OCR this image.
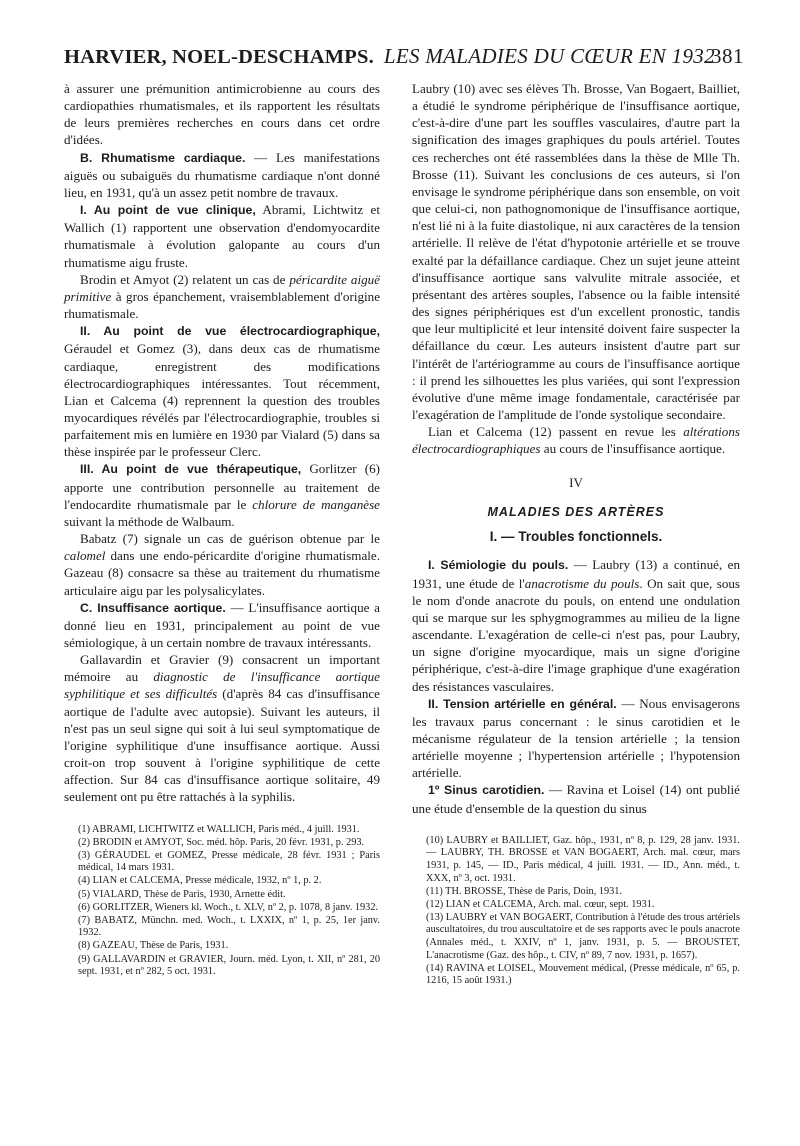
HARVIER, NOEL-DESCHAMPS. LES MALADIES DU CŒUR EN 1932
381

à assurer une prémunition antimicrobienne au cours des cardiopathies rhumatismales, et ils rapportent les résultats de leurs premières recherches en cours dans cet ordre d'idées.

B. Rhumatisme cardiaque. — Les manifestations aiguës ou subaiguës du rhumatisme cardiaque n'ont donné lieu, en 1931, qu'à un assez petit nombre de travaux.

I. Au point de vue clinique, Abrami, Lichtwitz et Wallich (1) rapportent une observation d'endomyocardite rhumatismale à évolution galopante au cours d'un rhumatisme aigu fruste.

Brodin et Amyot (2) relatent un cas de péricardite aiguë primitive à gros épanchement, vraisemblablement d'origine rhumatismale.

II. Au point de vue électrocardiographique, Géraudel et Gomez (3), dans deux cas de rhumatisme cardiaque, enregistrent des modifications électrocardiographiques intéressantes. Tout récemment, Lian et Calcema (4) reprennent la question des troubles myocardiques révélés par l'électrocardiographie, troubles si parfaitement mis en lumière en 1930 par Vialard (5) dans sa thèse inspirée par le professeur Clerc.

III. Au point de vue thérapeutique, Gorlitzer (6) apporte une contribution personnelle au traitement de l'endocardite rhumatismale par le chlorure de manganèse suivant la méthode de Walbaum.

Babatz (7) signale un cas de guérison obtenue par le calomel dans une endo-péricardite d'origine rhumatismale. Gazeau (8) consacre sa thèse au traitement du rhumatisme articulaire aigu par les polysalicylates.

C. Insuffisance aortique. — L'insuffisance aortique a donné lieu en 1931, principalement au point de vue sémiologique, à un certain nombre de travaux intéressants.

Gallavardin et Gravier (9) consacrent un important mémoire au diagnostic de l'insufficance aortique syphilitique et ses difficultés (d'après 84 cas d'insuffisance aortique de l'adulte avec autopsie). Suivant les auteurs, il n'est pas un seul signe qui soit à lui seul symptomatique de l'origine syphilitique d'une insuffisance aortique. Aussi croit-on trop souvent à l'origine syphilitique de cette affection. Sur 84 cas d'insuffisance aortique solitaire, 49 seulement ont pu être rattachés à la syphilis.

(1) ABRAMI, LICHTWITZ et WALLICH, Paris méd., 4 juill. 1931.

(2) BRODIN et AMYOT, Soc. méd. hôp. Paris, 20 févr. 1931, p. 293.

(3) GÉRAUDEL et GOMEZ, Presse médicale, 28 févr. 1931 ; Paris médical, 14 mars 1931.

(4) LIAN et CALCEMA, Presse médicale, 1932, nº 1, p. 2.

(5) VIALARD, Thèse de Paris, 1930, Arnette édit.

(6) GORLITZER, Wieners kl. Woch., t. XLV, nº 2, p. 1078, 8 janv. 1932.

(7) BABATZ, Münchn. med. Woch., t. LXXIX, nº 1, p. 25, 1er janv. 1932.

(8) GAZEAU, Thèse de Paris, 1931.

(9) GALLAVARDIN et GRAVIER, Journ. méd. Lyon, t. XII, nº 281, 20 sept. 1931, et nº 282, 5 oct. 1931.

Laubry (10) avec ses élèves Th. Brosse, Van Bogaert, Bailliet, a étudié le syndrome périphérique de l'insuffisance aortique, c'est-à-dire d'une part les souffles vasculaires, d'autre part la signification des images graphiques du pouls artériel. Toutes ces recherches ont été rassemblées dans la thèse de Mlle Th. Brosse (11). Suivant les conclusions de ces auteurs, si l'on envisage le syndrome périphérique dans son ensemble, on voit que celui-ci, non pathognomonique de l'insuffisance aortique, n'est lié ni à la fuite diastolique, ni aux caractères de la tension artérielle. Il relève de l'état d'hypotonie artérielle et se trouve exalté par la défaillance cardiaque. Chez un sujet jeune atteint d'insuffisance aortique sans valvulite mitrale associée, et présentant des artères souples, l'absence ou la faible intensité des signes périphériques est d'un excellent pronostic, tandis que leur multiplicité et leur intensité doivent faire suspecter la défaillance du cœur. Les auteurs insistent d'autre part sur l'intérêt de l'artériogramme au cours de l'insuffisance aortique : il prend les silhouettes les plus variées, qui sont l'expression évolutive d'une même image fondamentale, caractérisée par l'exagération de l'amplitude de l'onde systolique secondaire.

Lian et Calcema (12) passent en revue les altérations électrocardiographiques au cours de l'insuffisance aortique.

IV
MALADIES DES ARTÈRES
I. — Troubles fonctionnels.

I. Sémiologie du pouls. — Laubry (13) a continué, en 1931, une étude de l'anacrotisme du pouls. On sait que, sous le nom d'onde anacrote du pouls, on entend une ondulation qui se marque sur les sphygmogrammes au milieu de la ligne ascendante. L'exagération de celle-ci n'est pas, pour Laubry, un signe d'origine myocardique, mais un signe d'origine périphérique, c'est-à-dire l'image graphique d'une exagération des résistances vasculaires.

II. Tension artérielle en général. — Nous envisagerons les travaux parus concernant : le sinus carotidien et le mécanisme régulateur de la tension artérielle ; la tension artérielle moyenne ; l'hypertension artérielle ; l'hypotension artérielle.

1º Sinus carotidien. — Ravina et Loisel (14) ont publié une étude d'ensemble de la question du sinus

(10) LAUBRY et BAILLIET, Gaz. hôp., 1931, nº 8, p. 129, 28 janv. 1931. — LAUBRY, TH. BROSSE et VAN BOGAERT, Arch. mal. cœur, mars 1931, p. 145, — ID., Paris médical, 4 juill. 1931. — ID., Ann. méd., t. XXX, nº 3, oct. 1931.

(11) TH. BROSSE, Thèse de Paris, Doin, 1931.

(12) LIAN et CALCEMA, Arch. mal. cœur, sept. 1931.

(13) LAUBRY et VAN BOGAERT, Contribution à l'étude des trous artériels auscultatoires, du trou auscultatoire et de ses rapports avec le pouls anacrote (Annales méd., t. XXIV, nº 1, janv. 1931, p. 5. — BROUSTET, L'anacrotisme (Gaz. des hôp., t. CIV, nº 89, 7 nov. 1931, p. 1657).

(14) RAVINA et LOISEL, Mouvement médical, (Presse médicale, nº 65, p. 1216, 15 août 1931.)
